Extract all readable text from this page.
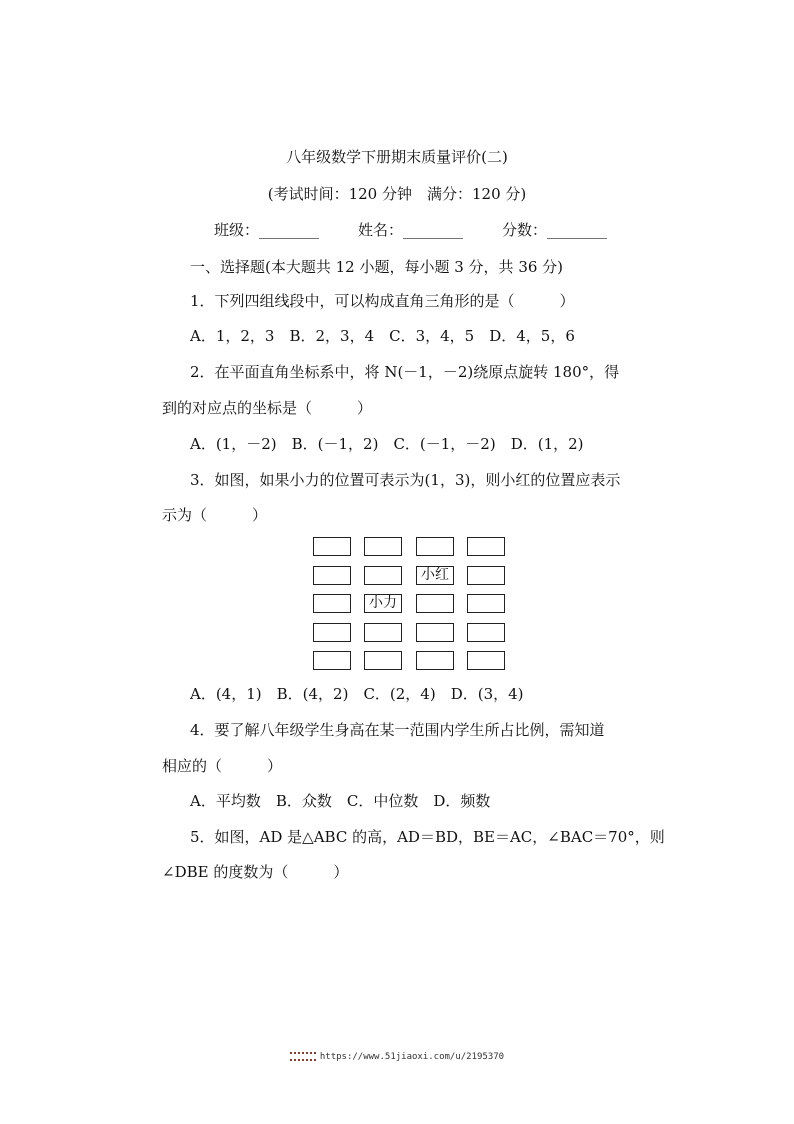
八年级数学下册期末质量评价(二)
(考试时间：120 分钟　满分：120 分)
班级：________	姓名：________	分数：________
一、选择题(本大题共 12 小题，每小题 3 分，共 36 分)
1．下列四组线段中，可以构成直角三角形的是（　　　）
A．1，2，3　B．2，3，4　C．3，4，5　D．4，5，6
2．在平面直角坐标系中，将 N(－1，－2)绕原点旋转 180°，得
到的对应点的坐标是（　　　）
A．(1，－2)　B．(－1，2)　C．(－1，－2)　D．(1，2)
3．如图，如果小力的位置可表示为(1，3)，则小红的位置应表示
示为（　　　）
小红
小力
A．(4，1)　B．(4，2)　C．(2，4)　D．(3，4)
4．要了解八年级学生身高在某一范围内学生所占比例，需知道
相应的（　　　）
A．平均数　B．众数　C．中位数　D．频数
5．如图，AD 是△ABC 的高，AD＝BD，BE＝AC，∠BAC＝70°，则
∠DBE 的度数为（　　　）
https://www.51jiaoxi.com/u/2195370
